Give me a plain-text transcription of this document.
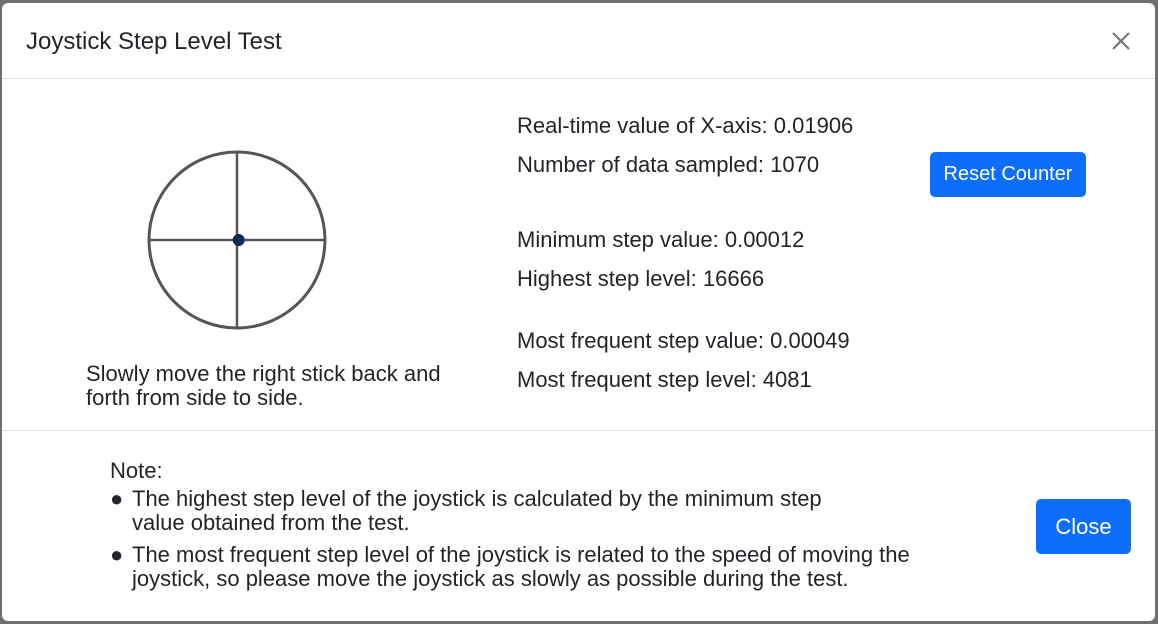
Joystick Step Level Test
Slowly move the right stick back and forth from side to side.
Real-time value of X-axis: 0.01906
Number of data sampled: 1070	Reset Counter
Minimum step value: 0.00012
Highest step level: 16666
Most frequent step value: 0.00049
Most frequent step level: 4081
Note:
● The highest step level of the joystick is calculated by the minimum step value obtained from the test.
● The most frequent step level of the joystick is related to the speed of moving the joystick, so please move the joystick as slowly as possible during the test.
Close
